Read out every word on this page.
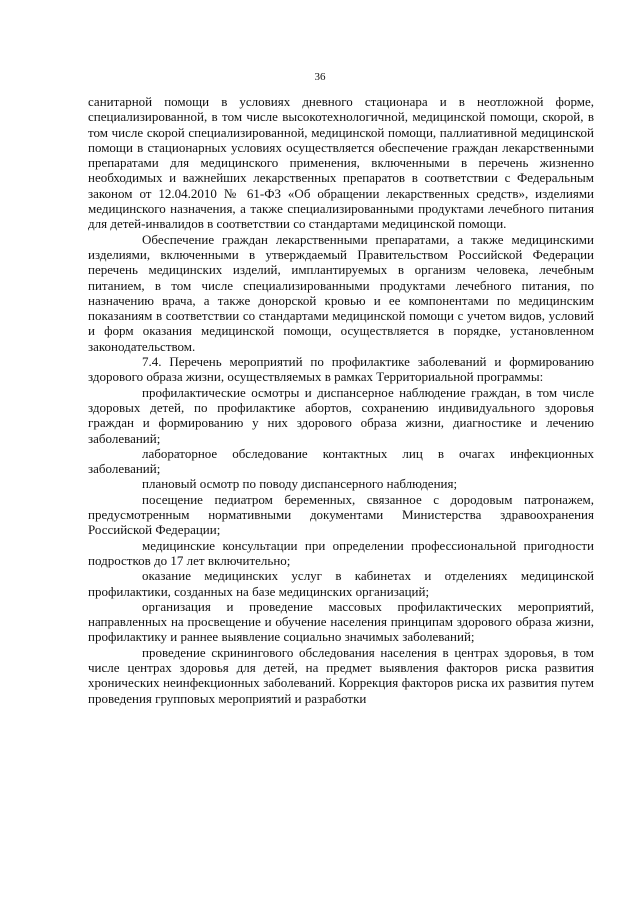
36

санитарной помощи в условиях дневного стационара и в неотложной форме, специализированной, в том числе высокотехнологичной, медицинской помощи, скорой, в том числе скорой специализированной, медицинской помощи, паллиативной медицинской помощи в стационарных условиях осуществляется обеспечение граждан лекарственными препаратами для медицинского применения, включенными в перечень жизненно необходимых и важнейших лекарственных препаратов в соответствии с Федеральным законом от 12.04.2010 № 61-ФЗ «Об обращении лекарственных средств», изделиями медицинского назначения, а также специализированными продуктами лечебного питания для детей-инвалидов в соответствии со стандартами медицинской помощи.

Обеспечение граждан лекарственными препаратами, а также медицинскими изделиями, включенными в утверждаемый Правительством Российской Федерации перечень медицинских изделий, имплантируемых в организм человека, лечебным питанием, в том числе специализированными продуктами лечебного питания, по назначению врача, а также донорской кровью и ее компонентами по медицинским показаниям в соответствии со стандартами медицинской помощи с учетом видов, условий и форм оказания медицинской помощи, осуществляется в порядке, установленном законодательством.

7.4. Перечень мероприятий по профилактике заболеваний и формированию здорового образа жизни, осуществляемых в рамках Территориальной программы:

профилактические осмотры и диспансерное наблюдение граждан, в том числе здоровых детей, по профилактике абортов, сохранению индивидуального здоровья граждан и формированию у них здорового образа жизни, диагностике и лечению заболеваний;

лабораторное обследование контактных лиц в очагах инфекционных заболеваний;

плановый осмотр по поводу диспансерного наблюдения;

посещение педиатром беременных, связанное с дородовым патронажем, предусмотренным нормативными документами Министерства здравоохранения Российской Федерации;

медицинские консультации при определении профессиональной пригодности подростков до 17 лет включительно;

оказание медицинских услуг в кабинетах и отделениях медицинской профилактики, созданных на базе медицинских организаций;

организация и проведение массовых профилактических мероприятий, направленных на просвещение и обучение населения принципам здорового образа жизни, профилактику и раннее выявление социально значимых заболеваний;

проведение скринингового обследования населения в центрах здоровья, в том числе центрах здоровья для детей, на предмет выявления факторов риска развития хронических неинфекционных заболеваний. Коррекция факторов риска их развития путем проведения групповых мероприятий и разработки
